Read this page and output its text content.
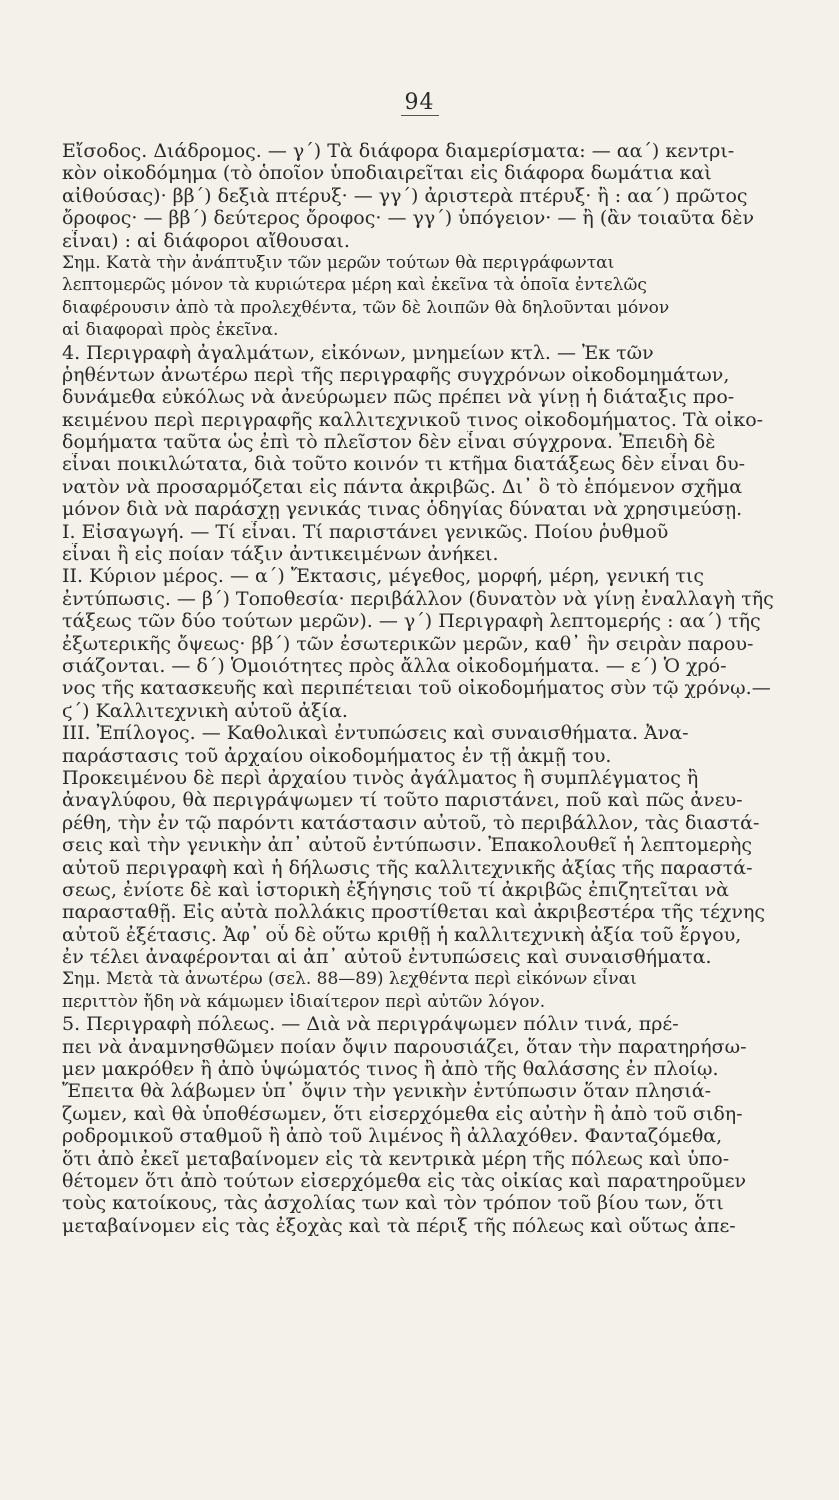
94
Εἴσοδος. Διάδρομος. — γ΄) Τὰ διάφορα διαμερίσματα: — αα΄) κεντρι-
κὸν οἰκοδόμημα (τὸ ὁποῖον ὑποδιαιρεῖται εἰς διάφορα δωμάτια καὶ
αἰθούσας)· ββ΄) δεξιὰ πτέρυξ· — γγ΄) ἀριστερὰ πτέρυξ· ἢ : αα΄) πρῶτος
ὄροφος· — ββ΄) δεύτερος ὄροφος· — γγ΄) ὑπόγειον· — ἢ (ἂν τοιαῦτα δὲν
εἶναι) : αἱ διάφοροι αἴθουσαι.
Σημ. Κατὰ τὴν ἀνάπτυξιν τῶν μερῶν τούτων θὰ περιγράφωνται
λεπτομερῶς μόνον τὰ κυριώτερα μέρη καὶ ἐκεῖνα τὰ ὁποῖα ἐντελῶς
διαφέρουσιν ἀπὸ τὰ προλεχθέντα, τῶν δὲ λοιπῶν θὰ δηλοῦνται μόνον
αἱ διαφοραὶ πρὸς ἐκεῖνα.
4. Περιγραφὴ ἀγαλμάτων, εἰκόνων, μνημείων κτλ. — Ἐκ τῶν
ῥηθέντων ἀνωτέρω περὶ τῆς περιγραφῆς συγχρόνων οἰκοδομημάτων,
δυνάμεθα εὐκόλως νὰ ἀνεύρωμεν πῶς πρέπει νὰ γίνῃ ἡ διάταξις προ-
κειμένου περὶ περιγραφῆς καλλιτεχνικοῦ τινος οἰκοδομήματος. Τὰ οἰκο-
δομήματα ταῦτα ὡς ἐπὶ τὸ πλεῖστον δὲν εἶναι σύγχρονα. Ἐπειδὴ δὲ
εἶναι ποικιλώτατα, διὰ τοῦτο κοινόν τι κτῆμα διατάξεως δὲν εἶναι δυ-
νατὸν νὰ προσαρμόζεται εἰς πάντα ἀκριβῶς. Δι᾽ ὃ τὸ ἑπόμενον σχῆμα
μόνον διὰ νὰ παράσχῃ γενικάς τινας ὁδηγίας δύναται νὰ χρησιμεύσῃ.
I. Εἰσαγωγή. — Τί εἶναι. Τί παριστάνει γενικῶς. Ποίου ῥυθμοῦ
εἶναι ἢ εἰς ποίαν τάξιν ἀντικειμένων ἀνήκει.
II. Κύριον μέρος. — α΄) Ἔκτασις, μέγεθος, μορφή, μέρη, γενική τις
ἐντύπωσις. — β΄) Τοποθεσία· περιβάλλον (δυνατὸν νὰ γίνῃ ἐναλλαγὴ τῆς
τάξεως τῶν δύο τούτων μερῶν). — γ΄) Περιγραφὴ λεπτομερής : αα΄) τῆς
ἐξωτερικῆς ὄψεως· ββ΄) τῶν ἐσωτερικῶν μερῶν, καθ᾽ ἣν σειρὰν παρου-
σιάζονται. — δ΄) Ὁμοιότητες πρὸς ἄλλα οἰκοδομήματα. — ε΄) Ὁ χρό-
νος τῆς κατασκευῆς καὶ περιπέτειαι τοῦ οἰκοδομήματος σὺν τῷ χρόνῳ.—
ϛ΄) Καλλιτεχνικὴ αὐτοῦ ἀξία.
III. Ἐπίλογος. — Καθολικαὶ ἐντυπώσεις καὶ συναισθήματα. Ἀνα-
παράστασις τοῦ ἀρχαίου οἰκοδομήματος ἐν τῇ ἀκμῇ του.
Προκειμένου δὲ περὶ ἀρχαίου τινὸς ἀγάλματος ἢ συμπλέγματος ἢ
ἀναγλύφου, θὰ περιγράψωμεν τί τοῦτο παριστάνει, ποῦ καὶ πῶς ἀνευ-
ρέθη, τὴν ἐν τῷ παρόντι κατάστασιν αὐτοῦ, τὸ περιβάλλον, τὰς διαστά-
σεις καὶ τὴν γενικὴν ἀπ᾽ αὐτοῦ ἐντύπωσιν. Ἐπακολουθεῖ ἡ λεπτομερὴς
αὐτοῦ περιγραφὴ καὶ ἡ δήλωσις τῆς καλλιτεχνικῆς ἀξίας τῆς παραστά-
σεως, ἐνίοτε δὲ καὶ ἱστορικὴ ἐξήγησις τοῦ τί ἀκριβῶς ἐπιζητεῖται νὰ
παρασταθῇ. Εἰς αὐτὰ πολλάκις προστίθεται καὶ ἀκριβεστέρα τῆς τέχνης
αὐτοῦ ἐξέτασις. Ἀφ᾽ οὗ δὲ οὕτω κριθῇ ἡ καλλιτεχνικὴ ἀξία τοῦ ἔργου,
ἐν τέλει ἀναφέρονται αἱ ἀπ᾽ αὐτοῦ ἐντυπώσεις καὶ συναισθήματα.
Σημ. Μετὰ τὰ ἀνωτέρω (σελ. 88—89) λεχθέντα περὶ εἰκόνων εἶναι
περιττὸν ἤδη νὰ κάμωμεν ἰδιαίτερον περὶ αὐτῶν λόγον.
5. Περιγραφὴ πόλεως. — Διὰ νὰ περιγράψωμεν πόλιν τινά, πρέ-
πει νὰ ἀναμνησθῶμεν ποίαν ὄψιν παρουσιάζει, ὅταν τὴν παρατηρήσω-
μεν μακρόθεν ἢ ἀπὸ ὑψώματός τινος ἢ ἀπὸ τῆς θαλάσσης ἐν πλοίῳ.
Ἔπειτα θὰ λάβωμεν ὑπ᾽ ὄψιν τὴν γενικὴν ἐντύπωσιν ὅταν πλησιά-
ζωμεν, καὶ θὰ ὑποθέσωμεν, ὅτι εἰσερχόμεθα εἰς αὐτὴν ἢ ἀπὸ τοῦ σιδη-
ροδρομικοῦ σταθμοῦ ἢ ἀπὸ τοῦ λιμένος ἢ ἀλλαχόθεν. Φανταζόμεθα,
ὅτι ἀπὸ ἐκεῖ μεταβαίνομεν εἰς τὰ κεντρικὰ μέρη τῆς πόλεως καὶ ὑπο-
θέτομεν ὅτι ἀπὸ τούτων εἰσερχόμεθα εἰς τὰς οἰκίας καὶ παρατηροῦμεν
τοὺς κατοίκους, τὰς ἀσχολίας των καὶ τὸν τρόπον τοῦ βίου των, ὅτι
μεταβαίνομεν εἰς τὰς ἐξοχὰς καὶ τὰ πέριξ τῆς πόλεως καὶ οὕτως ἀπε-
